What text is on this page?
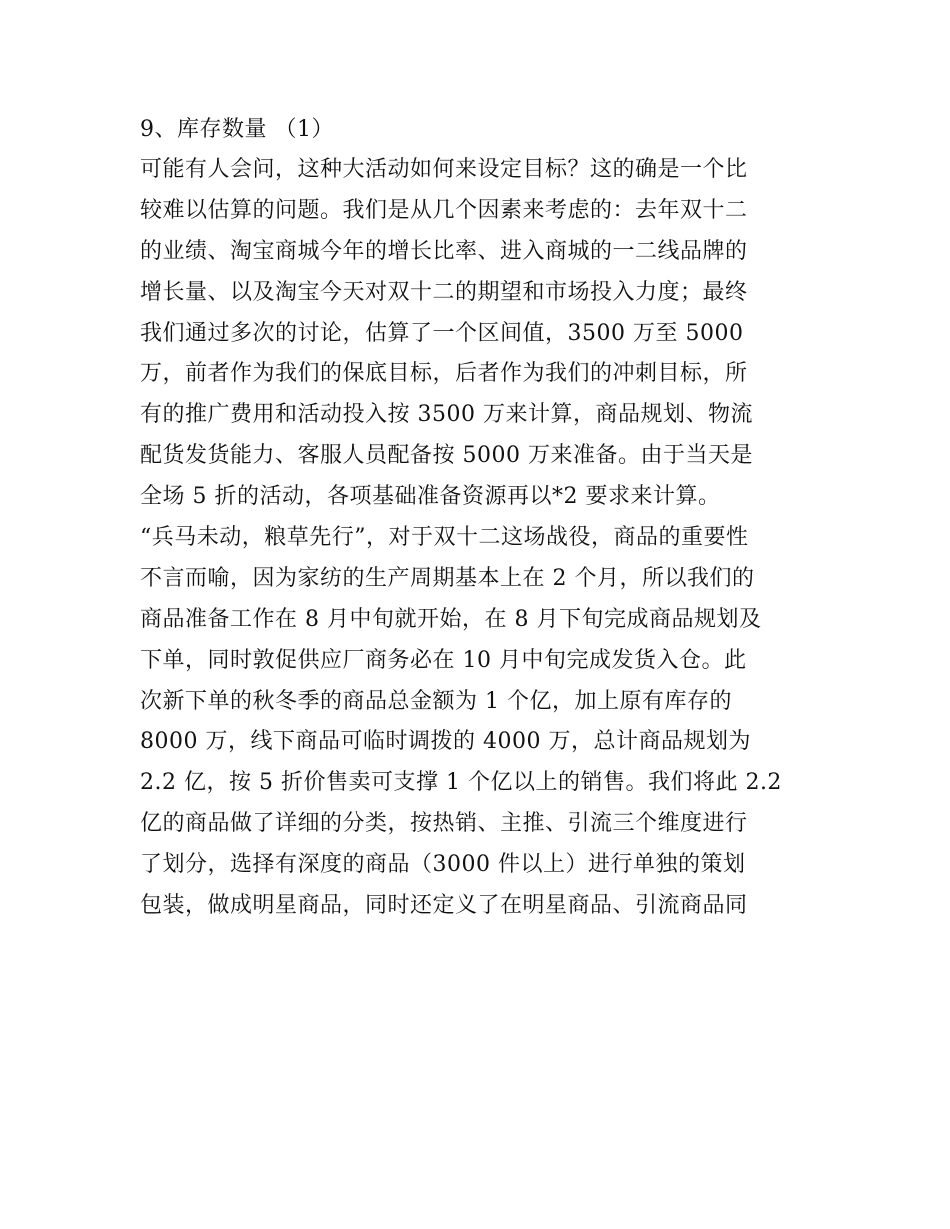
9、库存数量 （1）
可能有人会问，这种大活动如何来设定目标？这的确是一个比
较难以估算的问题。我们是从几个因素来考虑的：去年双十二
的业绩、淘宝商城今年的增长比率、进入商城的一二线品牌的
增长量、以及淘宝今天对双十二的期望和市场投入力度；最终
我们通过多次的讨论，估算了一个区间值，3500 万至 5000
万，前者作为我们的保底目标，后者作为我们的冲刺目标，所
有的推广费用和活动投入按 3500 万来计算，商品规划、物流
配货发货能力、客服人员配备按 5000 万来准备。由于当天是
全场 5 折的活动，各项基础准备资源再以*2 要求来计算。
“兵马未动，粮草先行”，对于双十二这场战役，商品的重要性
不言而喻，因为家纺的生产周期基本上在 2 个月，所以我们的
商品准备工作在 8 月中旬就开始，在 8 月下旬完成商品规划及
下单，同时敦促供应厂商务必在 10 月中旬完成发货入仓。此
次新下单的秋冬季的商品总金额为 1 个亿，加上原有库存的
8000 万，线下商品可临时调拨的 4000 万，总计商品规划为
2.2 亿，按 5 折价售卖可支撑 1 个亿以上的销售。我们将此 2.2
亿的商品做了详细的分类，按热销、主推、引流三个维度进行
了划分，选择有深度的商品（3000 件以上）进行单独的策划
包装，做成明星商品，同时还定义了在明星商品、引流商品同
